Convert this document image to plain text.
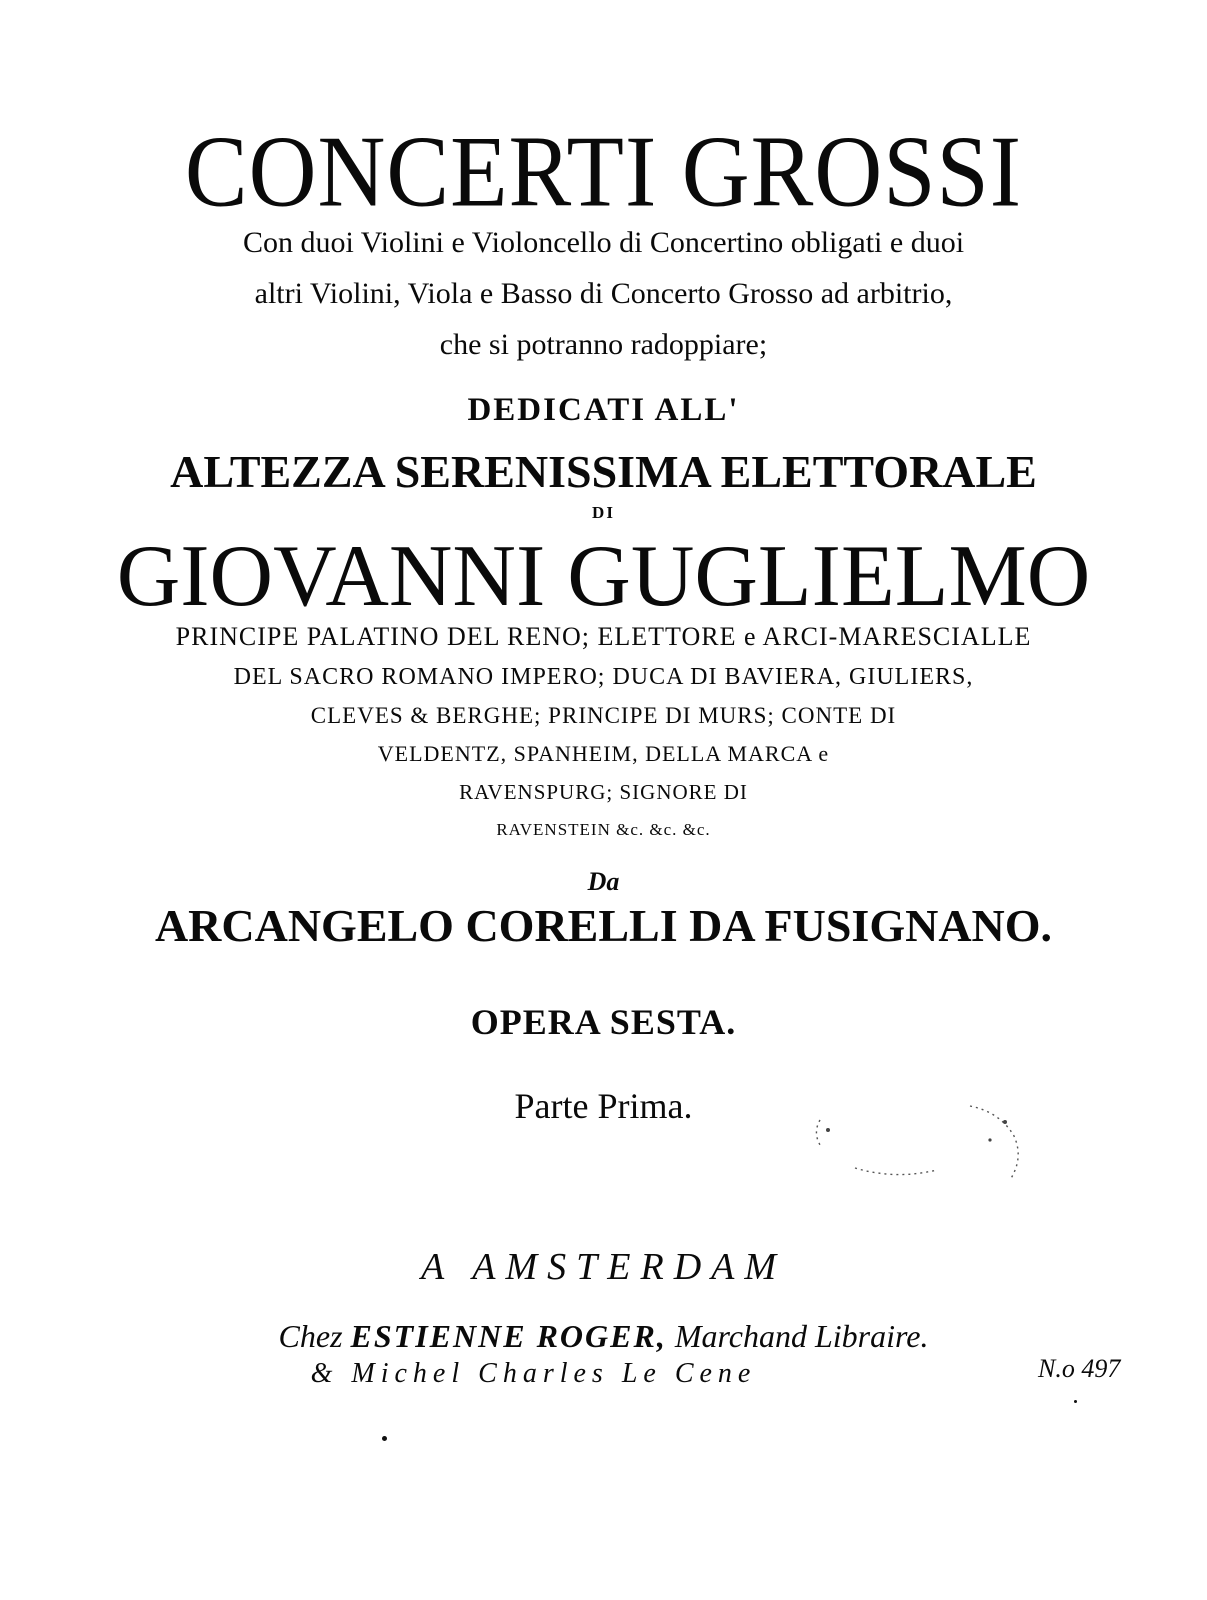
CONCERTI GROSSI
Con duoi Violini e Violoncello di Concertino obligati e duoi
altri Violini, Viola e Basso di Concerto Grosso ad arbitrio,
che si potranno radoppiare;
DEDICATI ALL'
ALTEZZA SERENISSIMA ELETTORALE
DI
GIOVANNI GUGLIELMO
PRINCIPE PALATINO DEL RENO; ELETTORE e ARCI-MARESCIALLE
DEL SACRO ROMANO IMPERO; DUCA DI BAVIERA, GIULIERS,
CLEVES & BERGHE; PRINCIPE DI MURS; CONTE DI
VELDENTZ, SPANHEIM, DELLA MARCA e
RAVENSPURG; SIGNORE DI
RAVENSTEIN &c. &c. &c.
Da
ARCANGELO CORELLI DA FUSIGNANO.
OPERA SESTA.
Parte Prima.
A AMSTERDAM
Chez ESTIENNE ROGER, Marchand Libraire.
& Michel Charles Le Cene	N.o 497
